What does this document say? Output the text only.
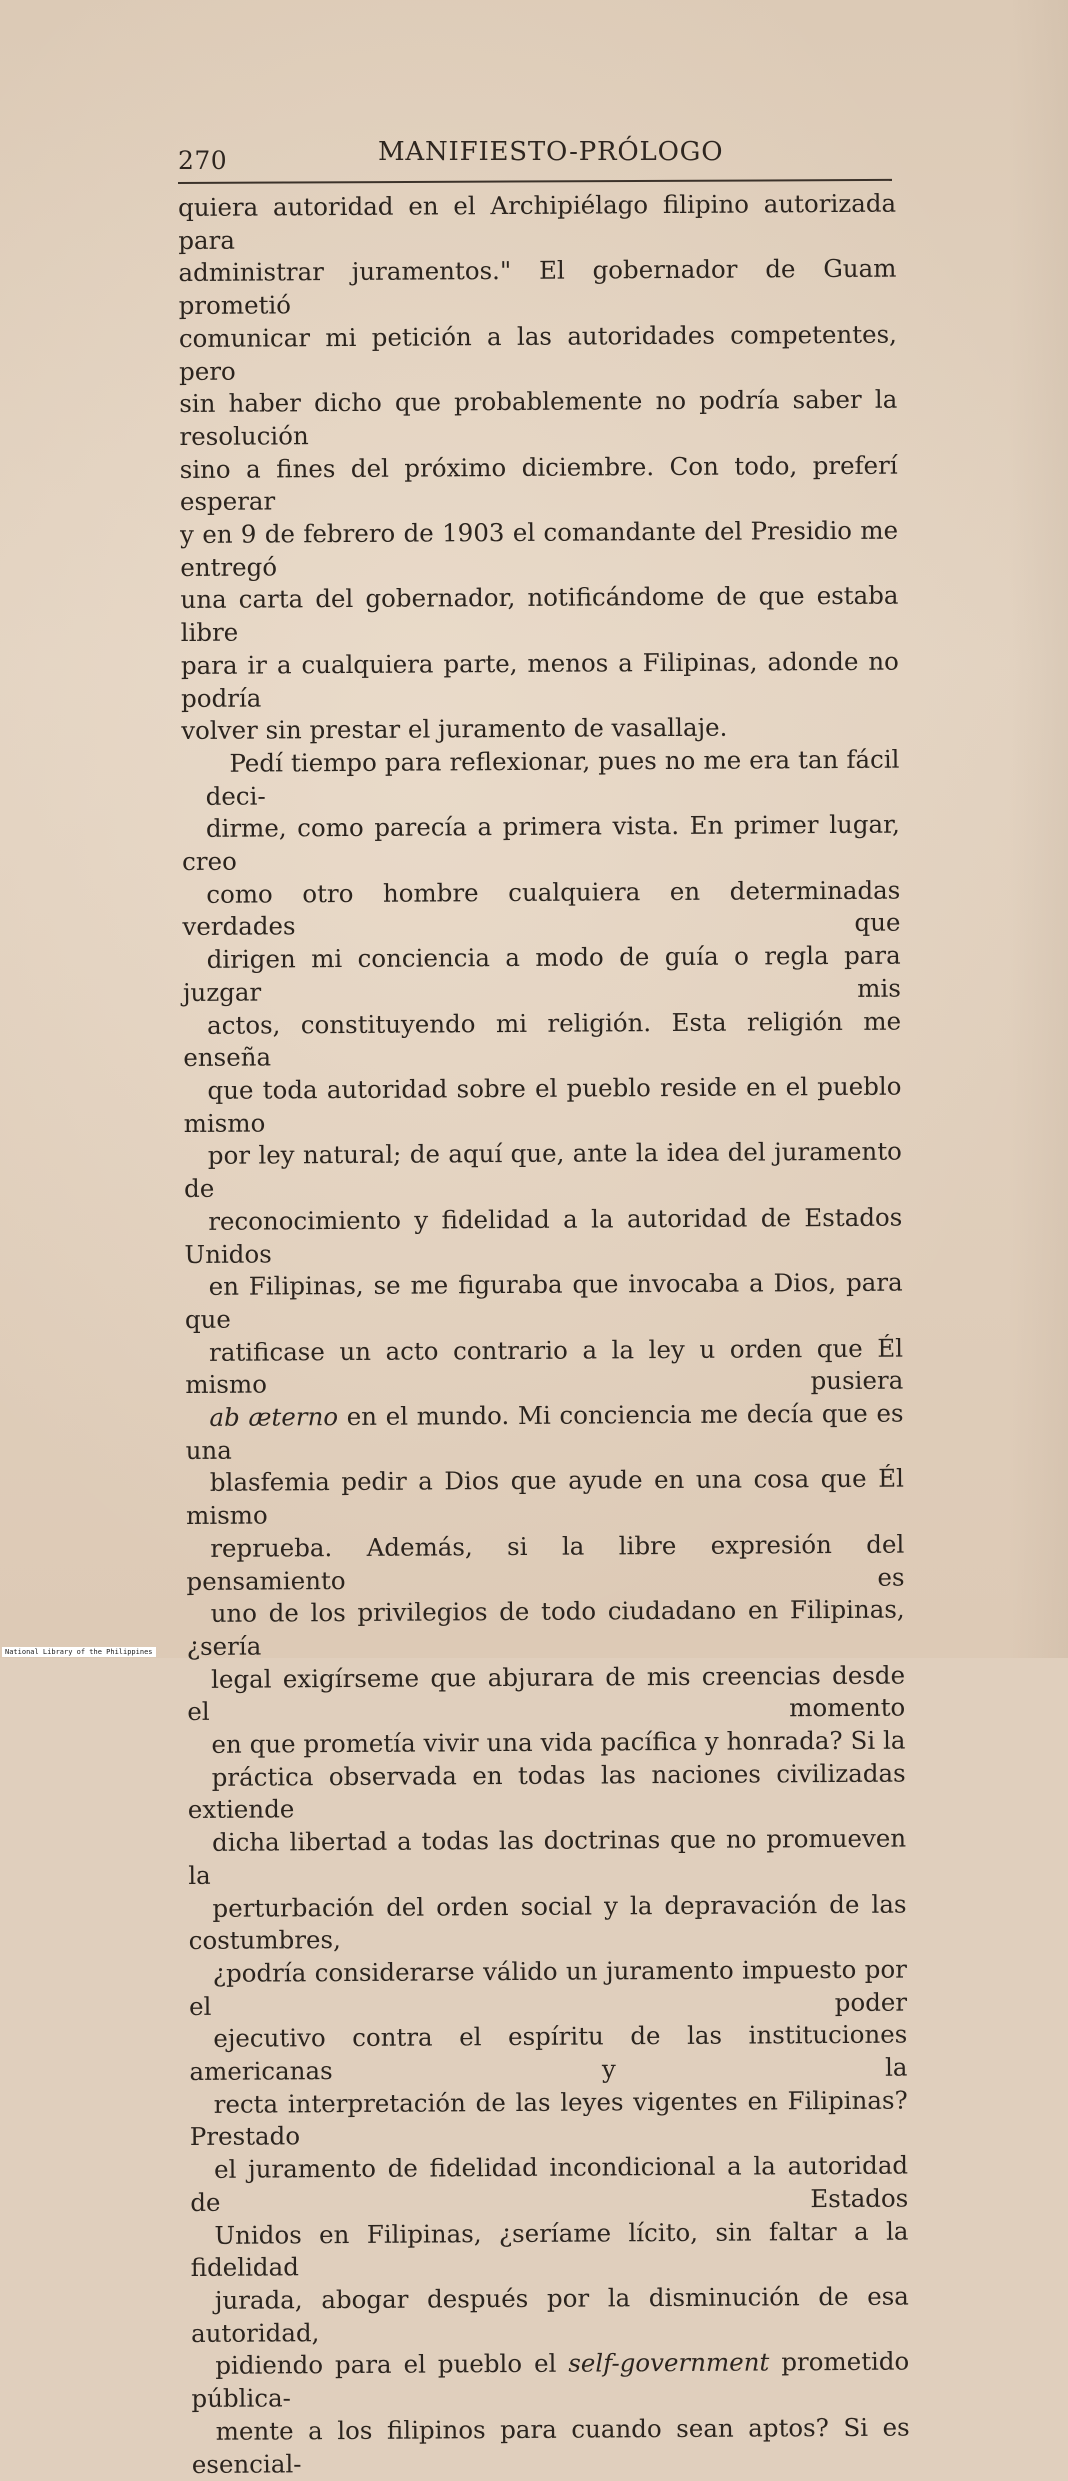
270	MANIFIESTO-PRÓLOGO
quiera autoridad en el Archipiélago filipino autorizada para
administrar juramentos." El gobernador de Guam prometió
comunicar mi petición a las autoridades competentes, pero
sin haber dicho que probablemente no podría saber la resolución
sino a fines del próximo diciembre. Con todo, preferí esperar
y en 9 de febrero de 1903 el comandante del Presidio me entregó
una carta del gobernador, notificándome de que estaba libre
para ir a cualquiera parte, menos a Filipinas, adonde no podría
volver sin prestar el juramento de vasallaje.
Pedí tiempo para reflexionar, pues no me era tan fácil deci-
dirme, como parecía a primera vista. En primer lugar, creo
como otro hombre cualquiera en determinadas verdades que
dirigen mi conciencia a modo de guía o regla para juzgar mis
actos, constituyendo mi religión. Esta religión me enseña
que toda autoridad sobre el pueblo reside en el pueblo mismo
por ley natural; de aquí que, ante la idea del juramento de
reconocimiento y fidelidad a la autoridad de Estados Unidos
en Filipinas, se me figuraba que invocaba a Dios, para que
ratificase un acto contrario a la ley u orden que Él mismo pusiera
ab æterno en el mundo. Mi conciencia me decía que es una
blasfemia pedir a Dios que ayude en una cosa que Él mismo
reprueba. Además, si la libre expresión del pensamiento es
uno de los privilegios de todo ciudadano en Filipinas, ¿sería
legal exigírseme que abjurara de mis creencias desde el momento
en que prometía vivir una vida pacífica y honrada? Si la
práctica observada en todas las naciones civilizadas extiende
dicha libertad a todas las doctrinas que no promueven la
perturbación del orden social y la depravación de las costumbres,
¿podría considerarse válido un juramento impuesto por el poder
ejecutivo contra el espíritu de las instituciones americanas y la
recta interpretación de las leyes vigentes en Filipinas? Prestado
el juramento de fidelidad incondicional a la autoridad de Estados
Unidos en Filipinas, ¿seríame lícito, sin faltar a la fidelidad
jurada, abogar después por la disminución de esa autoridad,
pidiendo para el pueblo el self-government prometido pública-
mente a los filipinos para cuando sean aptos? Si es esencial-
National Library of the Philippines
